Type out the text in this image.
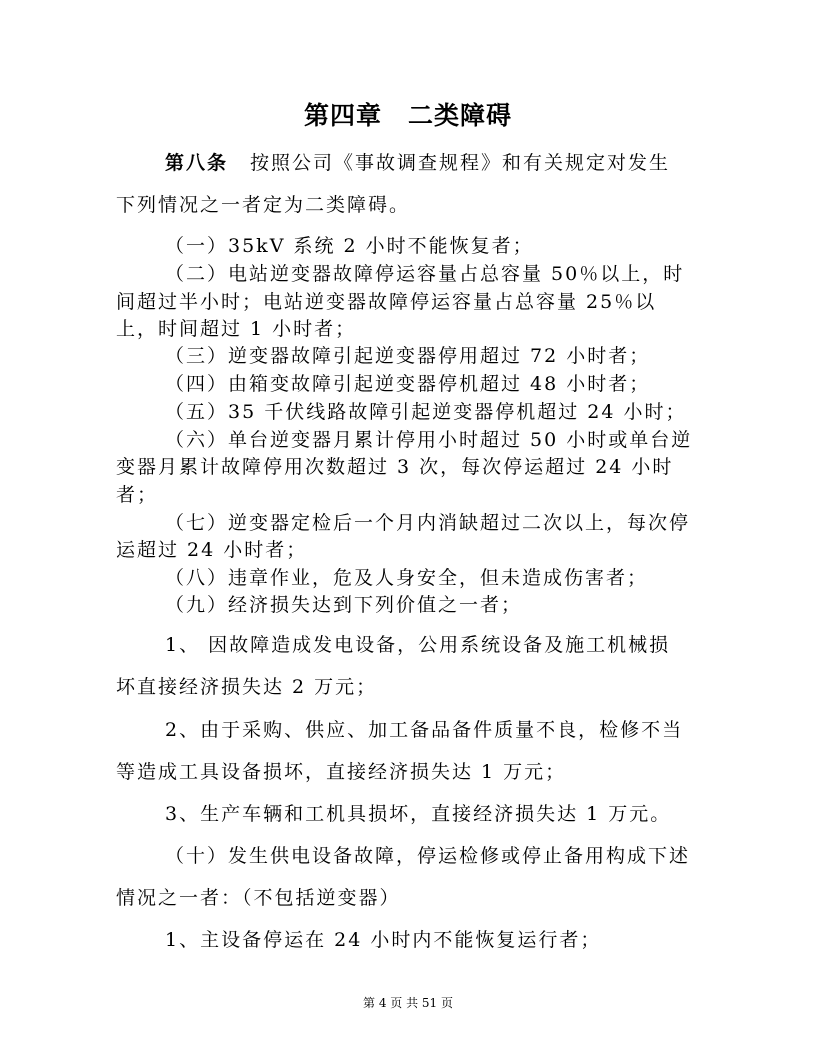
第四章　二类障碍
第八条 按照公司《事故调查规程》和有关规定对发生
下列情况之一者定为二类障碍。
（一）35kV 系统 2 小时不能恢复者；
（二）电站逆变器故障停运容量占总容量 50％以上，时
间超过半小时；电站逆变器故障停运容量占总容量 25％以
上，时间超过 1 小时者；
（三）逆变器故障引起逆变器停用超过 72 小时者；
（四）由箱变故障引起逆变器停机超过 48 小时者；
（五）35 千伏线路故障引起逆变器停机超过 24 小时；
（六）单台逆变器月累计停用小时超过 50 小时或单台逆
变器月累计故障停用次数超过 3 次，每次停运超过 24 小时
者；
（七）逆变器定检后一个月内消缺超过二次以上，每次停
运超过 24 小时者；
（八）违章作业，危及人身安全，但未造成伤害者；
（九）经济损失达到下列价值之一者；
1、 因故障造成发电设备，公用系统设备及施工机械损
坏直接经济损失达 2 万元；
2、由于采购、供应、加工备品备件质量不良，检修不当
等造成工具设备损坏，直接经济损失达 1 万元；
3、生产车辆和工机具损坏，直接经济损失达 1 万元。
（十）发生供电设备故障，停运检修或停止备用构成下述
情况之一者：（不包括逆变器）
1、主设备停运在 24 小时内不能恢复运行者；
第 4 页 共 51 页
